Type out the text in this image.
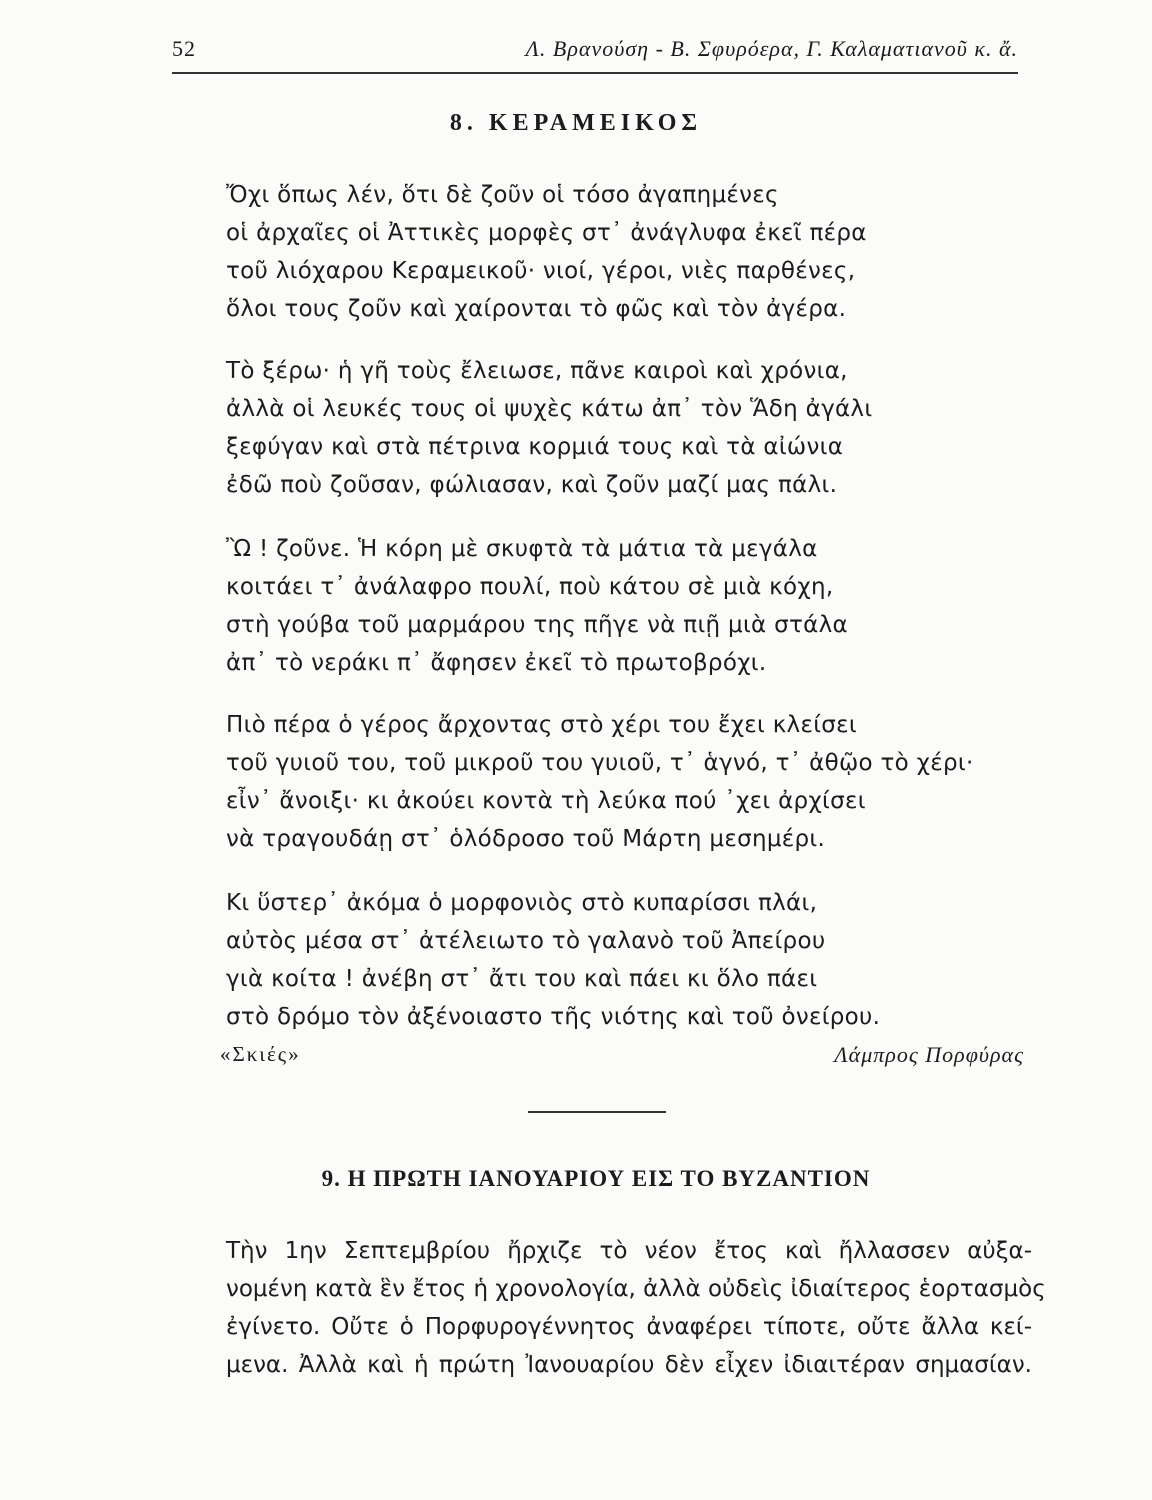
52	Λ. Βρανούση - Β. Σφυρόερα, Γ. Καλαματιανοῦ κ. ἄ.
8. ΚΕΡΑΜΕΙΚΟΣ
Ὄχι ὅπως λέν, ὅτι δὲ ζοῦν οἱ τόσο ἀγαπημένες
οἱ ἀρχαῖες οἱ Ἀττικὲς μορφὲς στ᾿ ἀνάγλυφα ἐκεῖ πέρα
τοῦ λιόχαρου Κεραμεικοῦ· νιοί, γέροι, νιὲς παρθένες,
ὅλοι τους ζοῦν καὶ χαίρονται τὸ φῶς καὶ τὸν ἀγέρα.
Τὸ ξέρω· ἡ γῆ τοὺς ἔλειωσε, πᾶνε καιροὶ καὶ χρόνια,
ἀλλὰ οἱ λευκές τους οἱ ψυχὲς κάτω ἀπ᾿ τὸν Ἅδη ἀγάλι
ξεφύγαν καὶ στὰ πέτρινα κορμιά τους καὶ τὰ αἰώνια
ἐδῶ ποὺ ζοῦσαν, φώλιασαν, καὶ ζοῦν μαζί μας πάλι.
Ὢ ! ζοῦνε. Ἡ κόρη μὲ σκυφτὰ τὰ μάτια τὰ μεγάλα
κοιτάει τ᾿ ἀνάλαφρο πουλί, ποὺ κάτου σὲ μιὰ κόχη,
στὴ γούβα τοῦ μαρμάρου της πῆγε νὰ πιῇ μιὰ στάλα
ἀπ᾿ τὸ νεράκι π᾿ ἄφησεν ἐκεῖ τὸ πρωτοβρόχι.
Πιὸ πέρα ὁ γέρος ἄρχοντας στὸ χέρι του ἔχει κλείσει
τοῦ γυιοῦ του, τοῦ μικροῦ του γυιοῦ, τ᾿ ἁγνό, τ᾿ ἀθῷο τὸ χέρι·
εἶν᾿ ἄνοιξι· κι ἀκούει κοντὰ τὴ λεύκα πού ᾿χει ἀρχίσει
νὰ τραγουδάῃ στ᾿ ὁλόδροσο τοῦ Μάρτη μεσημέρι.
Κι ὕστερ᾿ ἀκόμα ὁ μορφονιὸς στὸ κυπαρίσσι πλάι,
αὐτὸς μέσα στ᾿ ἀτέλειωτο τὸ γαλανὸ τοῦ Ἀπείρου
γιὰ κοίτα ! ἀνέβη στ᾿ ἄτι του καὶ πάει κι ὅλο πάει
στὸ δρόμο τὸν ἀξένοιαστο τῆς νιότης καὶ τοῦ ὀνείρου.
«Σκιές»	Λάμπρος Πορφύρας
9. Η ΠΡΩΤΗ ΙΑΝΟΥΑΡΙΟΥ ΕΙΣ ΤΟ ΒΥΖΑΝΤΙΟΝ
Τὴν 1ην Σεπτεμβρίου ἤρχιζε τὸ νέον ἔτος καὶ ἤλλασσεν αὐξα-
νομένη κατὰ ἓν ἔτος ἡ χρονολογία, ἀλλὰ οὐδεὶς ἰδιαίτερος ἑορτασμὸς
ἐγίνετο. Οὔτε ὁ Πορφυρογέννητος ἀναφέρει τίποτε, οὔτε ἄλλα κεί-
μενα. Ἀλλὰ καὶ ἡ πρώτη Ἰανουαρίου δὲν εἶχεν ἰδιαιτέραν σημασίαν.
